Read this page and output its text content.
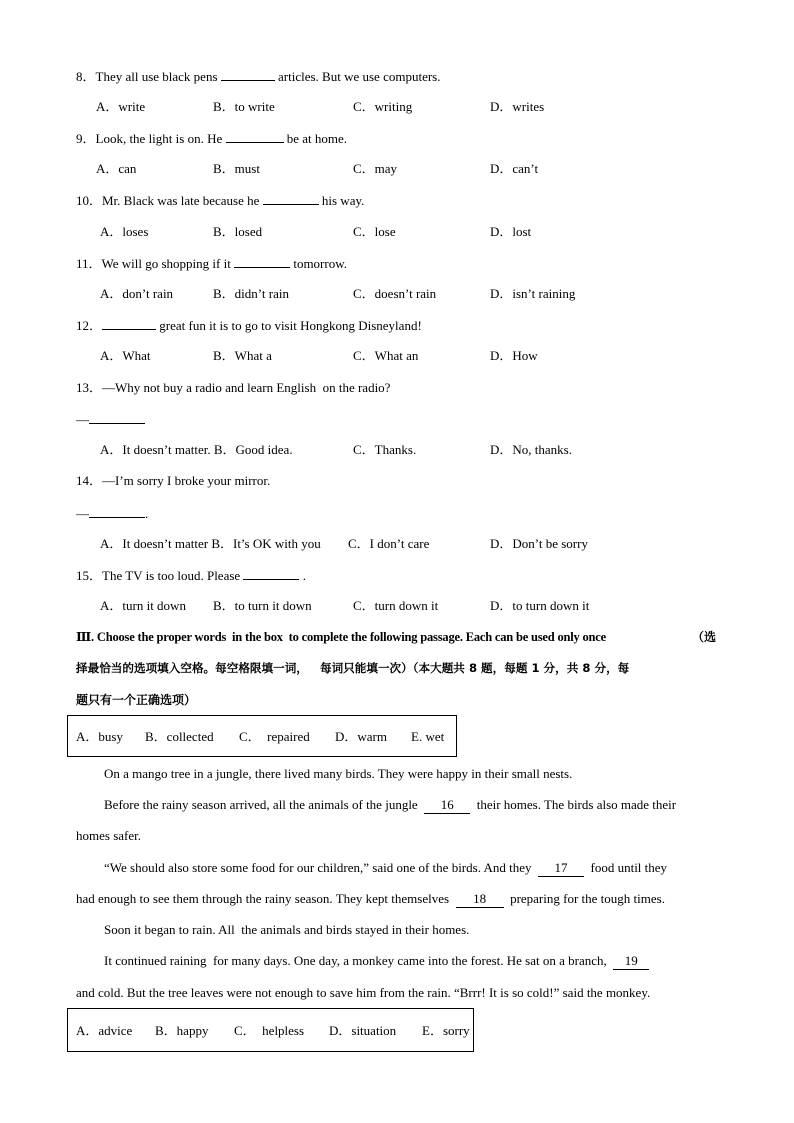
8．They all use black pens	articles. But we use computers.
A．write	B．to write	C．writing	D．writes
9．Look, the light is on. He	be at home.
A．can	B．must	C．may	D．can’t
10．Mr. Black was late because he	his way.
A．loses	B．losed	C．lose	D．lost
11．We will go shopping if it	tomorrow.
A．don’t rain	B．didn’t rain	C．doesn’t rain	D．isn’t raining
12．	great fun it is to go to visit Hongkong Disneyland!
A．What	B．What a	C．What an	D．How
13．—Why not buy a radio and learn English  on the radio?
—
A．It doesn’t matter. B．Good idea.	C．Thanks.	D．No, thanks.
14．—I’m sorry I broke your mirror.
—	.
A．It doesn’t matter B．It’s OK with you C．I don’t care	D．Don’t be sorry
15．The TV is too loud. Please	.
A．turn it down B．to turn it down	C．turn down it	D．to turn down it
Ⅲ. Choose the proper words  in the box  to complete the following passage. Each can be used only once	（选
择最恰当的选项填入空格。每空格限填一词，   每词只能填一次）（本大题共 8 题，每题 1 分，共 8 分，每
题只有一个正确选项）

A．busy

B．collected

C．  repaired

D．warm

E. wet

On a mango tree in a jungle, there lived many birds. They were happy in their small nests.
Before the rainy season arrived, all the animals of the jungle  16  their homes. The birds also made their
homes safer.
“We should also store some food for our children,” said one of the birds. And they  17  food until they
had enough to see them through the rainy season. They kept themselves  18  preparing for the tough times.
Soon it began to rain. All  the animals and birds stayed in their homes.
It continued raining  for many days. One day, a monkey came into the forest. He sat on a branch,  19
and cold. But the tree leaves were not enough to save him from the rain. “Brrr! It is so cold!” said the monkey.

A．advice

B．happy

C．  helpless

D．situation

E．sorry
